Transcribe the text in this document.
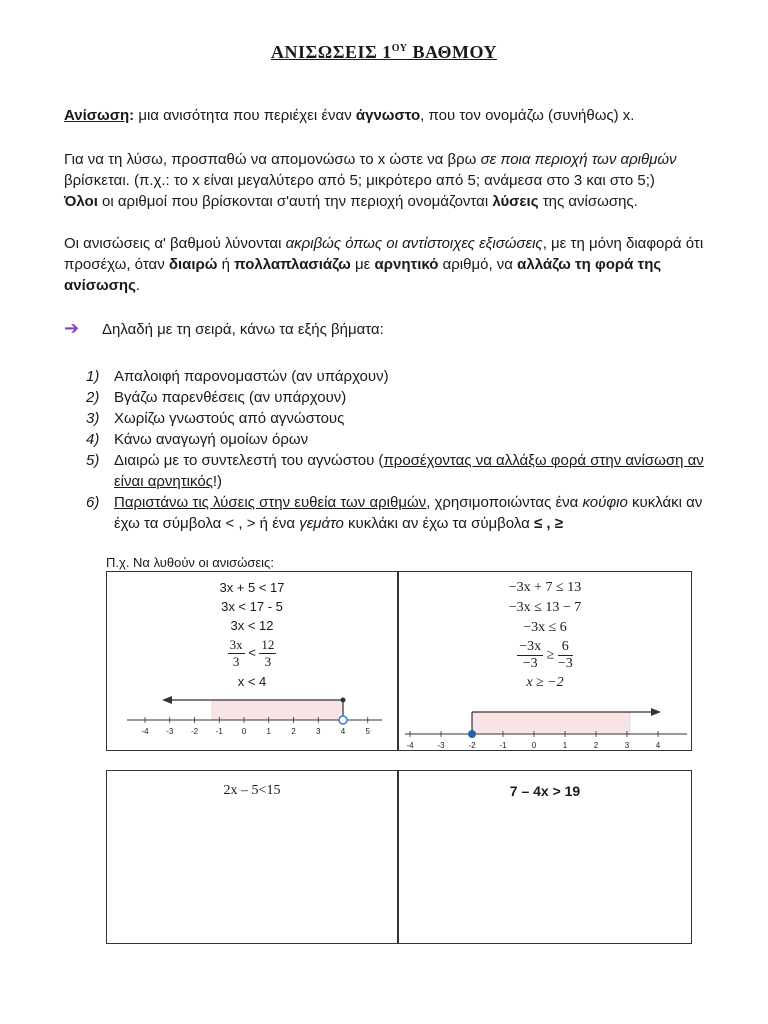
ΑΝΙΣΩΣΕΙΣ $1^{O\Upsilon}$ ΒΑΘΜΟΥ
Ανίσωση: μια ανισότητα που περιέχει έναν άγνωστο, που τον ονομάζω (συνήθως) x.
Για να τη λύσω, προσπαθώ να απομονώσω το x ώστε να βρω σε ποια περιοχή των αριθμών βρίσκεται. (π.χ.: το x είναι μεγαλύτερο από 5; μικρότερο από 5; ανάμεσα στο 3 και στο 5;)
Όλοι οι αριθμοί που βρίσκονται σ'αυτή την περιοχή ονομάζονται λύσεις της ανίσωσης.
Οι ανισώσεις α' βαθμού λύνονται ακριβώς όπως οι αντίστοιχες εξισώσεις, με τη μόνη διαφορά ότι προσέχω, όταν διαιρώ ή πολλαπλασιάζω με αρνητικό αριθμό, να αλλάζω τη φορά της ανίσωσης.
➔ Δηλαδή με τη σειρά, κάνω τα εξής βήματα:
1) Απαλοιφή παρονομαστών (αν υπάρχουν)
2) Βγάζω παρενθέσεις (αν υπάρχουν)
3) Χωρίζω γνωστούς από αγνώστους
4) Κάνω αναγωγή ομοίων όρων
5) Διαιρώ με το συντελεστή του αγνώστου (προσέχοντας να αλλάξω φορά στην ανίσωση αν είναι αρνητικός!)
6) Παριστάνω τις λύσεις στην ευθεία των αριθμών, χρησιμοποιώντας ένα κούφιο κυκλάκι αν έχω τα σύμβολα < , > ή ένα γεμάτο κυκλάκι αν έχω τα σύμβολα ≤ , ≥
Π.χ. Να λυθούν οι ανισώσεις:
3x + 5 < 17
3x < 17 - 5
3x < 12
$\frac{3x}{3} < \frac{12}{3}$
x < 4
-4 -3 -2 -1 0	1	2	3	4	5
−3x + 7 ≤ 13
−3x ≤ 13 − 7
−3x ≤ 6
$\frac{-3x}{-3} \ge \frac{6}{-3}$
x ≥ −2
-4	-3	-2	-1	0	1	2	3	4
2x – 5<15	7 – 4x > 19
